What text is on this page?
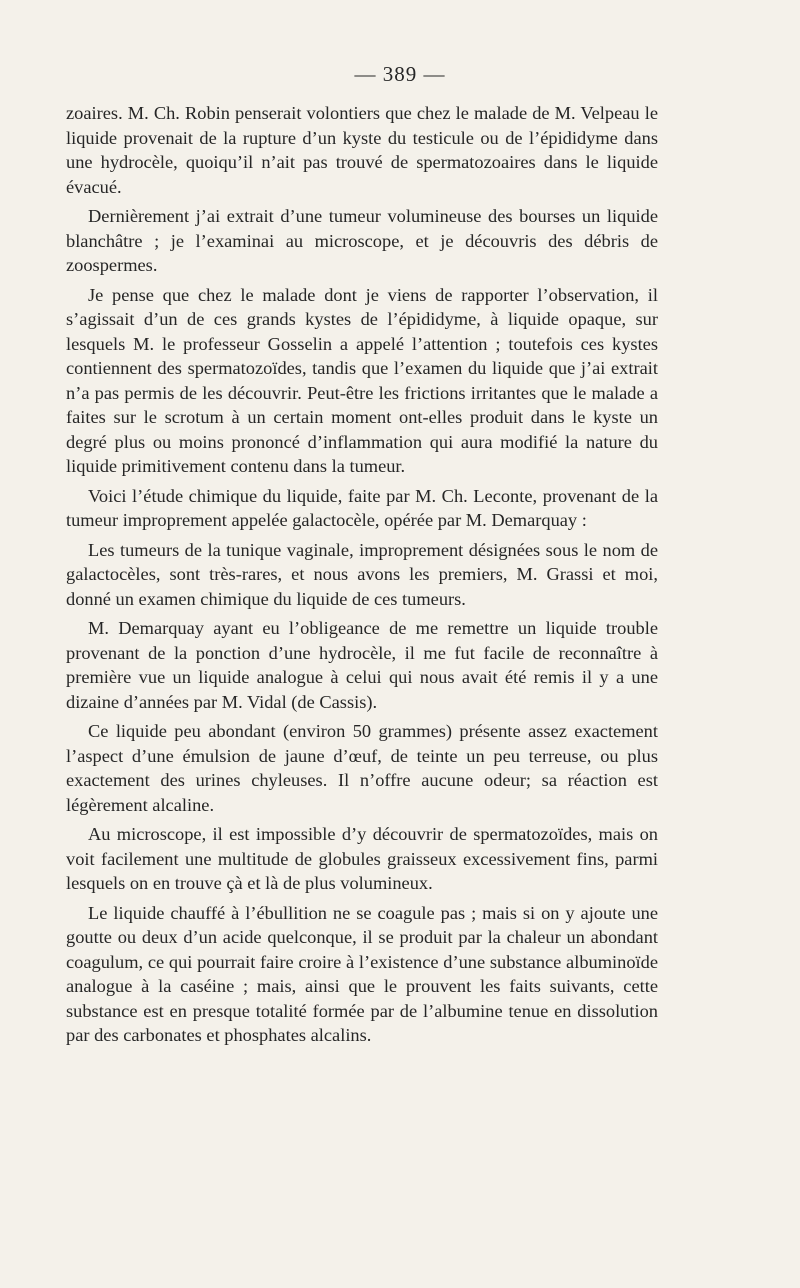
— 389 —

zoaires. M. Ch. Robin penserait volontiers que chez le malade de M. Velpeau le liquide provenait de la rupture d’un kyste du testicule ou de l’épididyme dans une hydrocèle, quoiqu’il n’ait pas trouvé de spermatozoaires dans le liquide évacué.

Dernièrement j’ai extrait d’une tumeur volumineuse des bourses un liquide blanchâtre ; je l’examinai au microscope, et je découvris des débris de zoospermes.

Je pense que chez le malade dont je viens de rapporter l’observation, il s’agissait d’un de ces grands kystes de l’épididyme, à liquide opaque, sur lesquels M. le professeur Gosselin a appelé l’attention ; toutefois ces kystes contiennent des spermatozoïdes, tandis que l’examen du liquide que j’ai extrait n’a pas permis de les découvrir. Peut-être les frictions irritantes que le malade a faites sur le scrotum à un certain moment ont-elles produit dans le kyste un degré plus ou moins prononcé d’inflammation qui aura modifié la nature du liquide primitivement contenu dans la tumeur.

Voici l’étude chimique du liquide, faite par M. Ch. Leconte, provenant de la tumeur improprement appelée galactocèle, opérée par M. Demarquay :

Les tumeurs de la tunique vaginale, improprement désignées sous le nom de galactocèles, sont très-rares, et nous avons les premiers, M. Grassi et moi, donné un examen chimique du liquide de ces tumeurs.

M. Demarquay ayant eu l’obligeance de me remettre un liquide trouble provenant de la ponction d’une hydrocèle, il me fut facile de reconnaître à première vue un liquide analogue à celui qui nous avait été remis il y a une dizaine d’années par M. Vidal (de Cassis).

Ce liquide peu abondant (environ 50 grammes) présente assez exactement l’aspect d’une émulsion de jaune d’œuf, de teinte un peu terreuse, ou plus exactement des urines chyleuses. Il n’offre aucune odeur; sa réaction est légèrement alcaline.

Au microscope, il est impossible d’y découvrir de spermatozoïdes, mais on voit facilement une multitude de globules graisseux excessivement fins, parmi lesquels on en trouve çà et là de plus volumineux.

Le liquide chauffé à l’ébullition ne se coagule pas ; mais si on y ajoute une goutte ou deux d’un acide quelconque, il se produit par la chaleur un abondant coagulum, ce qui pourrait faire croire à l’existence d’une substance albuminoïde analogue à la caséine ; mais, ainsi que le prouvent les faits suivants, cette substance est en presque totalité formée par de l’albumine tenue en dissolution par des carbonates et phosphates alcalins.
